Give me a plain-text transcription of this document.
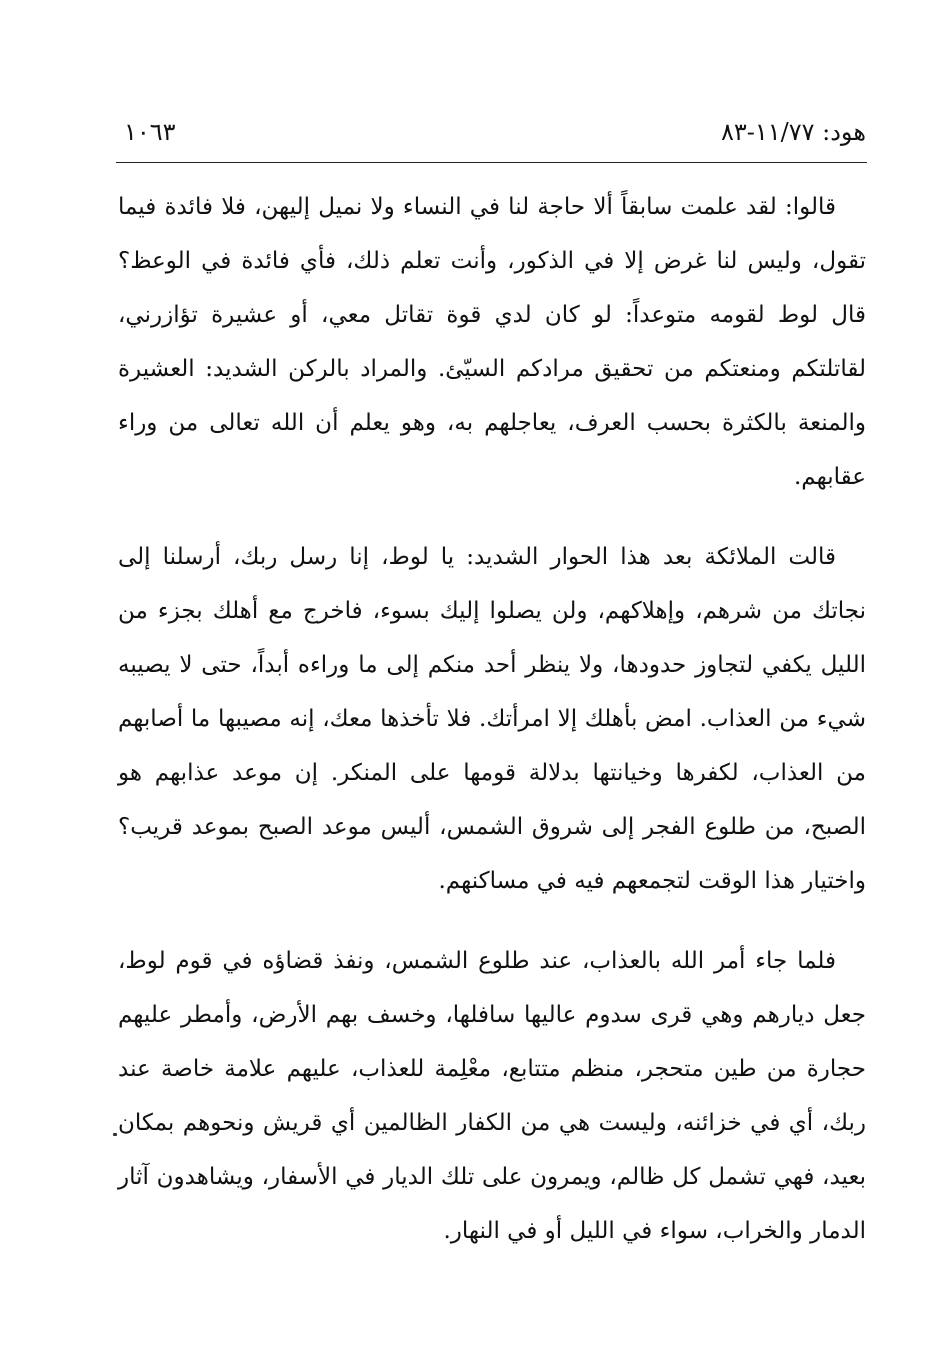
هود: ١١/٧٧-٨٣
١٠٦٣

قالوا: لقد علمت سابقاً ألا حاجة لنا في النساء ولا نميل إليهن، فلا فائدة فيما تقول، وليس لنا غرض إلا في الذكور، وأنت تعلم ذلك، فأي فائدة في الوعظ؟ قال لوط لقومه متوعداً: لو كان لدي قوة تقاتل معي، أو عشيرة تؤازرني، لقاتلتكم ومنعتكم من تحقيق مرادكم السيّئ. والمراد بالركن الشديد: العشيرة والمنعة بالكثرة بحسب العرف، يعاجلهم به، وهو يعلم أن الله تعالى من وراء عقابهم.

قالت الملائكة بعد هذا الحوار الشديد: يا لوط، إنا رسل ربك، أرسلنا إلى نجاتك من شرهم، وإهلاكهم، ولن يصلوا إليك بسوء، فاخرج مع أهلك بجزء من الليل يكفي لتجاوز حدودها، ولا ينظر أحد منكم إلى ما وراءه أبداً، حتى لا يصيبه شيء من العذاب. امض بأهلك إلا امرأتك. فلا تأخذها معك، إنه مصيبها ما أصابهم من العذاب، لكفرها وخيانتها بدلالة قومها على المنكر. إن موعد عذابهم هو الصبح، من طلوع الفجر إلى شروق الشمس، أليس موعد الصبح بموعد قريب؟ واختيار هذا الوقت لتجمعهم فيه في مساكنهم.

فلما جاء أمر الله بالعذاب، عند طلوع الشمس، ونفذ قضاؤه في قوم لوط، جعل ديارهم وهي قرى سدوم عاليها سافلها، وخسف بهم الأرض، وأمطر عليهم حجارة من طين متحجر، منظم متتابع، معْلِمة للعذاب، عليهم علامة خاصة عند ربك، أي في خزائنه، وليست هي من الكفار الظالمين أي قريش ونحوهم بمكان بعيد، فهي تشمل كل ظالم، ويمرون على تلك الديار في الأسفار، ويشاهدون آثار الدمار والخراب، سواء في الليل أو في النهار.
